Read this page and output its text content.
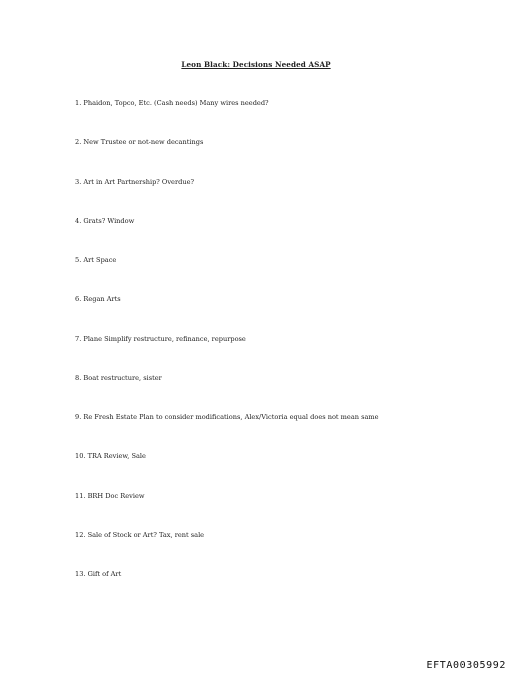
Leon Black: Decisions Needed ASAP
1. Phaidon, Topco, Etc. (Cash needs) Many wires needed?
2. New Trustee or not-new decantings
3. Art in Art Partnership? Overdue?
4. Grats? Window
5. Art Space
6. Regan Arts
7. Plane Simplify restructure, refinance, repurpose
8. Boat restructure, sister
9. Re Fresh Estate Plan to consider modifications, Alex/Victoria equal does not mean same
10. TRA Review, Sale
11. BRH Doc Review
12. Sale of Stock or Art? Tax, rent sale
13. Gift of Art
EFTA00305992
